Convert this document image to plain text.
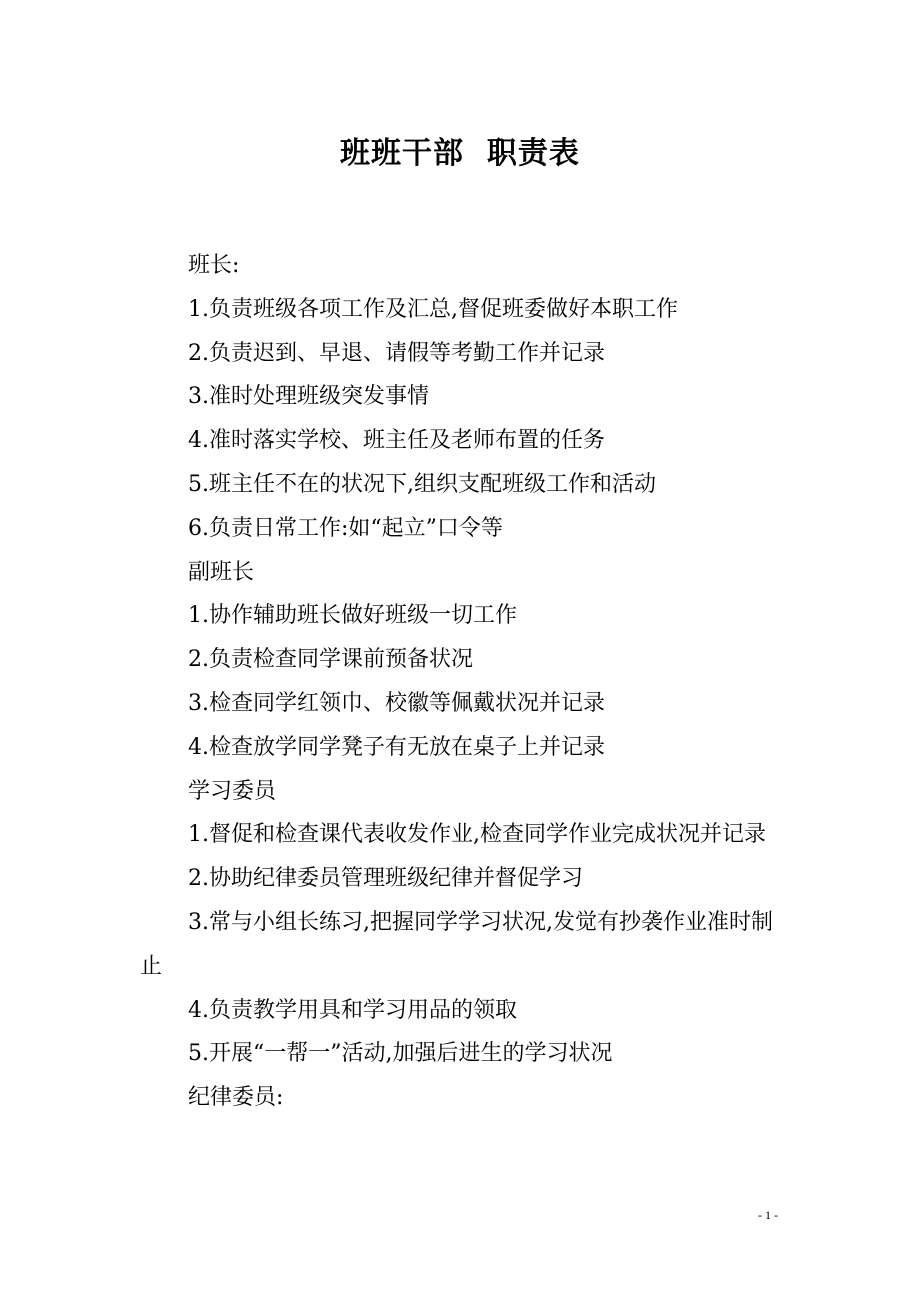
班班干部  职责表

班长:

1.负责班级各项工作及汇总,督促班委做好本职工作

2.负责迟到、早退、请假等考勤工作并记录

3.准时处理班级突发事情

4.准时落实学校、班主任及老师布置的任务

5.班主任不在的状况下,组织支配班级工作和活动

6.负责日常工作:如“起立”口令等

副班长

1.协作辅助班长做好班级一切工作

2.负责检查同学课前预备状况

3.检查同学红领巾、校徽等佩戴状况并记录

4.检查放学同学凳子有无放在桌子上并记录

学习委员

1.督促和检查课代表收发作业,检查同学作业完成状况并记录

2.协助纪律委员管理班级纪律并督促学习

3.常与小组长练习,把握同学学习状况,发觉有抄袭作业准时制止

4.负责教学用具和学习用品的领取

5.开展“一帮一”活动,加强后进生的学习状况

纪律委员:

- 1 -
